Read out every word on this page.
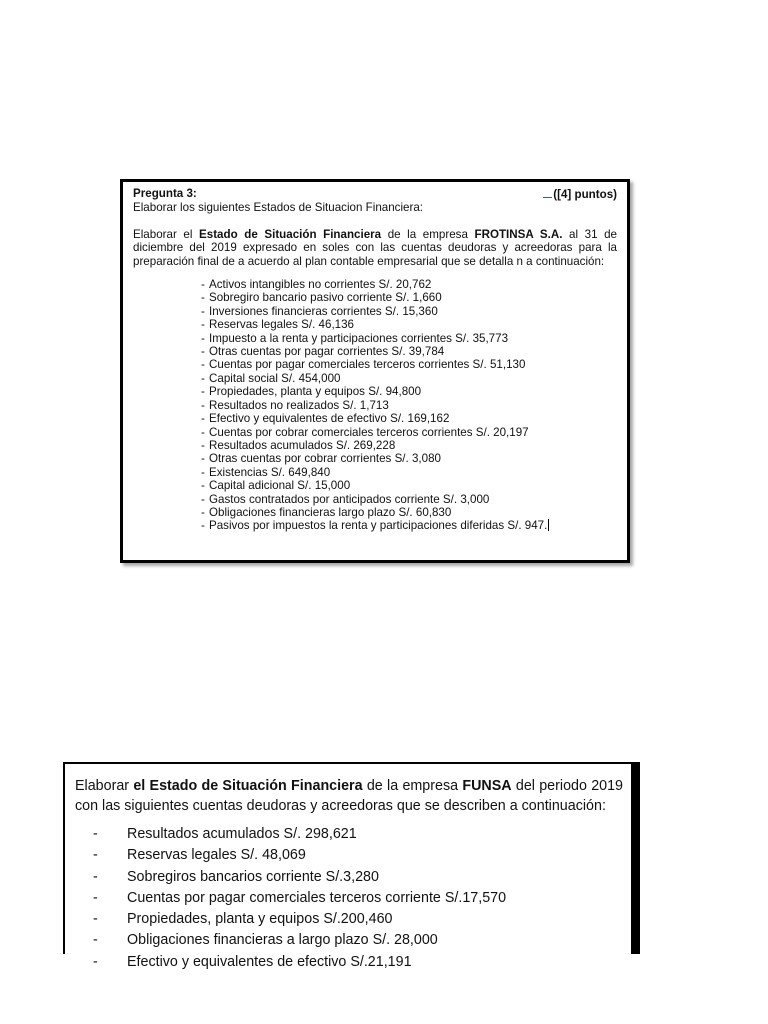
Pregunta 3:	([4] puntos)
Elaborar los siguientes Estados de Situacion Financiera:
Elaborar el Estado de Situación Financiera de la empresa FROTINSA S.A. al 31 de diciembre del 2019 expresado en soles con las cuentas deudoras y acreedoras para la preparación final de a acuerdo al plan contable empresarial que se detalla n a continuación:
- Activos intangibles no corrientes S/. 20,762
- Sobregiro bancario pasivo corriente S/. 1,660
- Inversiones financieras corrientes S/. 15,360
- Reservas legales S/. 46,136
- Impuesto a la renta y participaciones corrientes S/. 35,773
- Otras cuentas por pagar corrientes S/. 39,784
- Cuentas por pagar comerciales terceros corrientes S/. 51,130
- Capital social S/. 454,000
- Propiedades, planta y equipos S/. 94,800
- Resultados no realizados S/. 1,713
- Efectivo y equivalentes de efectivo S/. 169,162
- Cuentas por cobrar comerciales terceros corrientes S/. 20,197
- Resultados acumulados S/. 269,228
- Otras cuentas por cobrar corrientes S/. 3,080
- Existencias S/. 649,840
- Capital adicional S/. 15,000
- Gastos contratados por anticipados corriente S/. 3,000
- Obligaciones financieras largo plazo S/. 60,830
- Pasivos por impuestos la renta y participaciones diferidas S/. 947.
Elaborar el Estado de Situación Financiera de la empresa FUNSA del periodo 2019 con las siguientes cuentas deudoras y acreedoras que se describen a continuación:
- Resultados acumulados S/. 298,621
- Reservas legales S/. 48,069
- Sobregiros bancarios corriente S/.3,280
- Cuentas por pagar comerciales terceros corriente S/.17,570
- Propiedades, planta y equipos S/.200,460
- Obligaciones financieras a largo plazo S/. 28,000
- Efectivo y equivalentes de efectivo S/.21,191
